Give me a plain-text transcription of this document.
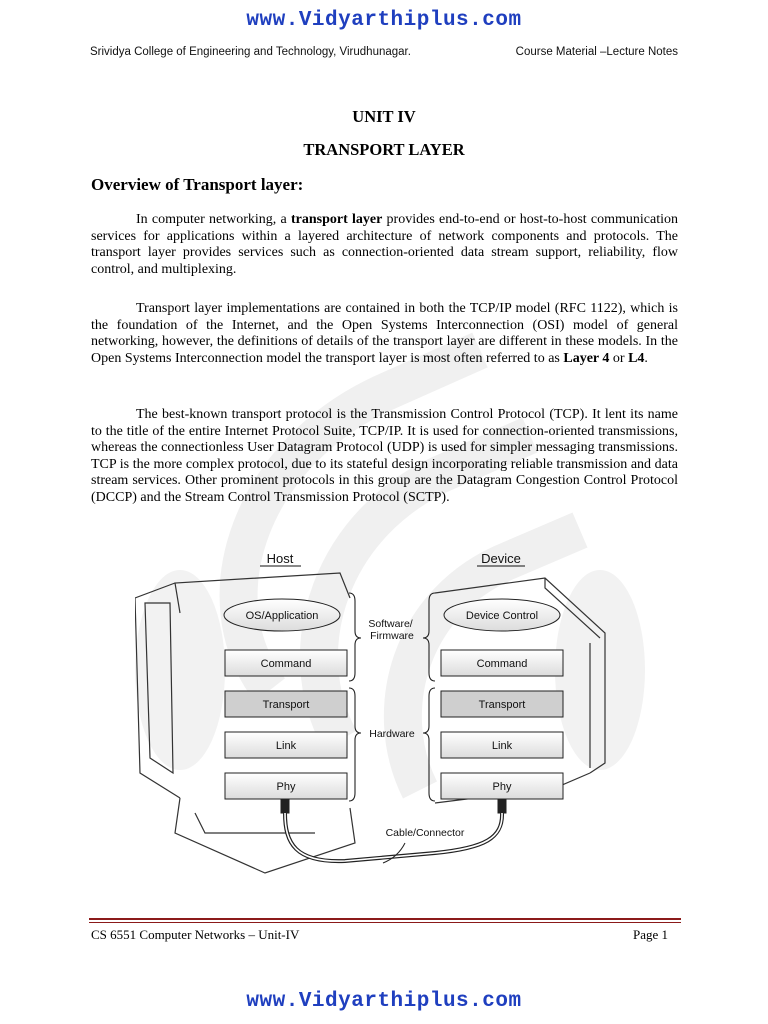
www.Vidyarthiplus.com
Srividya College of Engineering and Technology, Virudhunagar.	Course Material –Lecture Notes
UNIT IV
TRANSPORT LAYER
Overview of Transport layer:

In computer networking, a transport layer provides end-to-end or host-to-host communication services for applications within a layered architecture of network components and protocols. The transport layer provides services such as connection-oriented data stream support, reliability, flow control, and multiplexing.

Transport layer implementations are contained in both the TCP/IP model (RFC 1122), which is the foundation of the Internet, and the Open Systems Interconnection (OSI) model of general networking, however, the definitions of details of the transport layer are different in these models. In the Open Systems Interconnection model the transport layer is most often referred to as Layer 4 or L4.

The best-known transport protocol is the Transmission Control Protocol (TCP). It lent its name to the title of the entire Internet Protocol Suite, TCP/IP. It is used for connection-oriented transmissions, whereas the connectionless User Datagram Protocol (UDP) is used for simpler messaging transmissions. TCP is the more complex protocol, due to its stateful design incorporating reliable transmission and data stream services. Other prominent protocols in this group are the Datagram Congestion Control Protocol (DCCP) and the Stream Control Transmission Protocol (SCTP).

Host	Device
OS/Application
Command
Transport
Link
Phy
Device Control
Command
Transport
Link
Phy
Software/ Firmware
Hardware
Cable/Connector
CS 6551 Computer Networks – Unit-IV	Page 1
www.Vidyarthiplus.com
